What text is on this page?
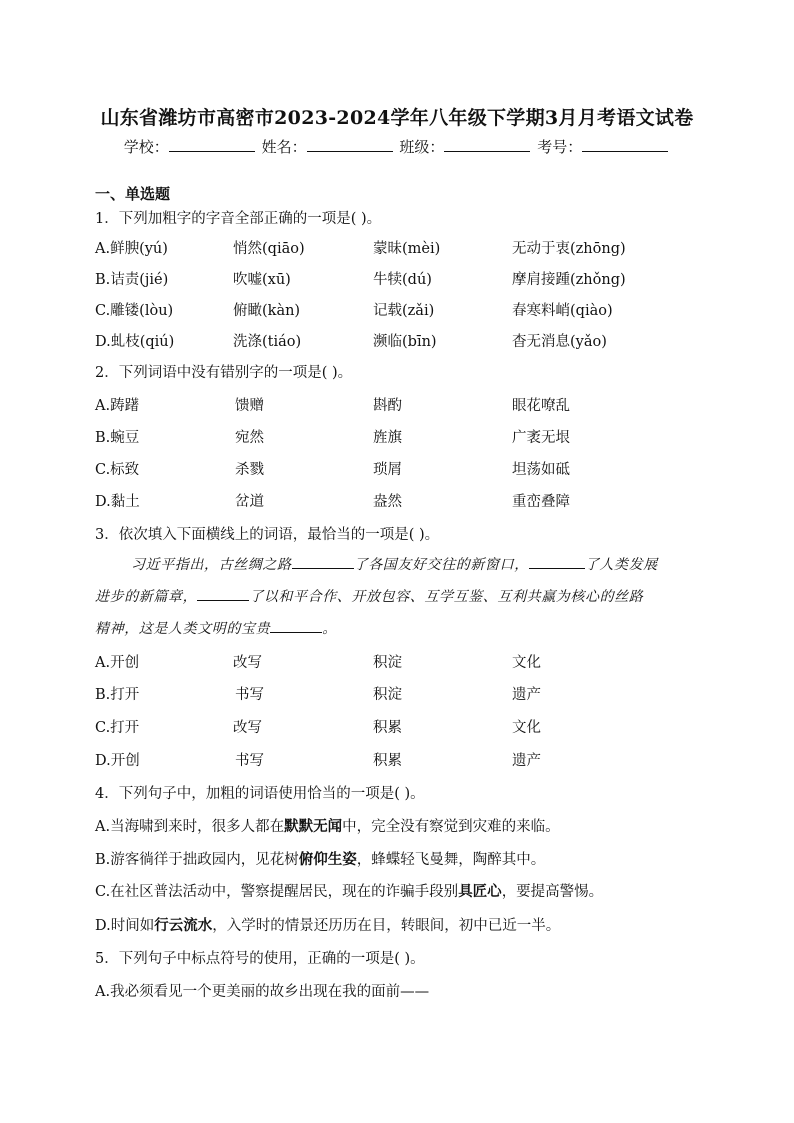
山东省潍坊市高密市2023-2024学年八年级下学期3月月考语文试卷
学校：	姓名：	班级：	考号：
一、单选题
1．下列加粗字的字音全部正确的一项是( )。
A.鲜腴(yú)	悄然(qiāo)	蒙昧(mèi)	无动于衷(zhōng)
B.诘责(jié)	吹嘘(xū)	牛犊(dú)	摩肩接踵(zhǒng)
C.雕镂(lòu)	俯瞰(kàn)	记载(zǎi)	春寒料峭(qiào)
D.虬枝(qiú)	洗涤(tiáo)	濒临(bīn)	杳无消息(yǎo)
2．下列词语中没有错别字的一项是( )。
A.踌躇	馈赠	斟酌	眼花嘹乱
B.蜿豆	宛然	旌旗	广袤无垠
C.标致	杀戮	琐屑	坦荡如砥
D.黏土	岔道	盎然	重峦叠障
3．依次填入下面横线上的词语，最恰当的一项是( )。
习近平指出，古丝绸之路	了各国友好交往的新窗口，	了人类发展
进步的新篇章，	了以和平合作、开放包容、互学互鉴、互利共赢为核心的丝路
精神，这是人类文明的宝贵	。
A.开创	改写	积淀	文化
B.打开	书写	积淀	遗产
C.打开	改写	积累	文化
D.开创	书写	积累	遗产
4．下列句子中，加粗的词语使用恰当的一项是( )。
A.当海啸到来时，很多人都在默默无闻中，完全没有察觉到灾难的来临。
B.游客徜徉于拙政园内，见花树俯仰生姿，蜂蝶轻飞曼舞，陶醉其中。
C.在社区普法活动中，警察提醒居民，现在的诈骗手段别具匠心，要提高警惕。
D.时间如行云流水，入学时的情景还历历在目，转眼间，初中已近一半。
5．下列句子中标点符号的使用，正确的一项是( )。
A.我必须看见一个更美丽的故乡出现在我的面前——
